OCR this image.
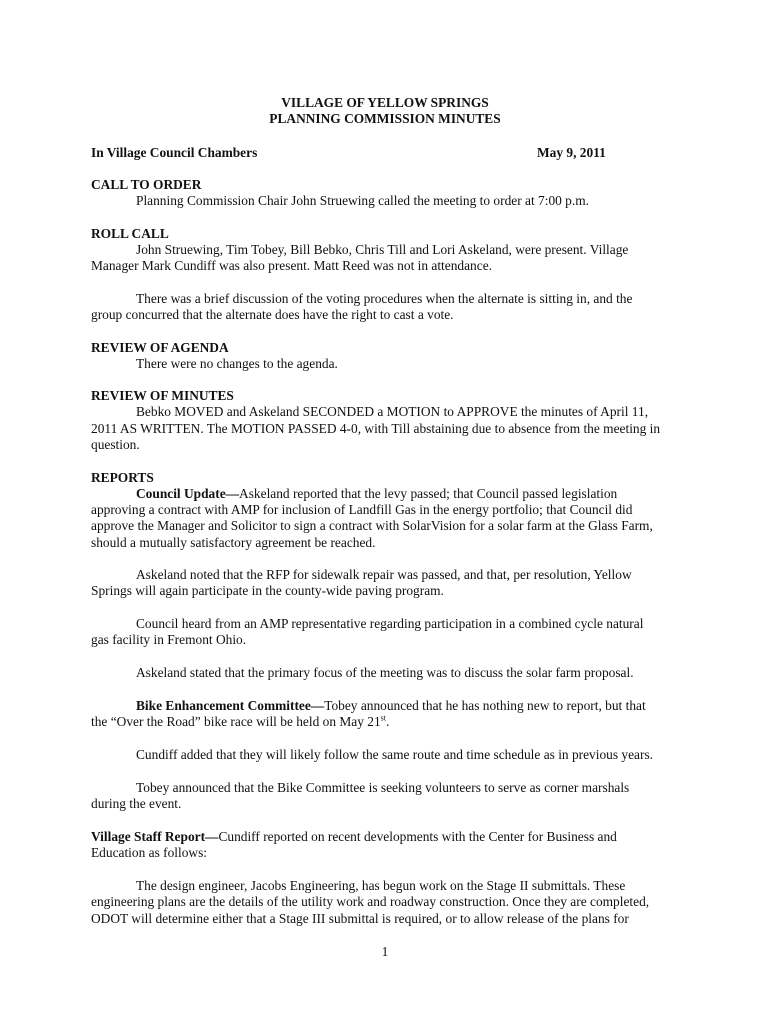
VILLAGE OF YELLOW SPRINGS
PLANNING COMMISSION MINUTES
In Village Council Chambers	May 9, 2011
CALL TO ORDER
Planning Commission Chair John Struewing called the meeting to order at 7:00 p.m.
ROLL CALL
John Struewing, Tim Tobey, Bill Bebko, Chris Till and Lori Askeland, were present. Village
Manager Mark Cundiff was also present. Matt Reed was not in attendance.
There was a brief discussion of the voting procedures when the alternate is sitting in, and the
group concurred that the alternate does have the right to cast a vote.
REVIEW OF AGENDA
There were no changes to the agenda.
REVIEW OF MINUTES
Bebko MOVED and Askeland SECONDED a MOTION to APPROVE the minutes of April 11,
2011 AS WRITTEN. The MOTION PASSED 4-0, with Till abstaining due to absence from the meeting in
question.
REPORTS
Council Update—Askeland reported that the levy passed; that Council passed legislation
approving a contract with AMP for inclusion of Landfill Gas in the energy portfolio; that Council did
approve the Manager and Solicitor to sign a contract with SolarVision for a solar farm at the Glass Farm,
should a mutually satisfactory agreement be reached.
Askeland noted that the RFP for sidewalk repair was passed, and that, per resolution, Yellow
Springs will again participate in the county-wide paving program.
Council heard from an AMP representative regarding participation in a combined cycle natural
gas facility in Fremont Ohio.
Askeland stated that the primary focus of the meeting was to discuss the solar farm proposal.
Bike Enhancement Committee—Tobey announced that he has nothing new to report, but that
the “Over the Road” bike race will be held on May 21st.
Cundiff added that they will likely follow the same route and time schedule as in previous years.
Tobey announced that the Bike Committee is seeking volunteers to serve as corner marshals
during the event.
Village Staff Report—Cundiff reported on recent developments with the Center for Business and
Education as follows:
The design engineer, Jacobs Engineering, has begun work on the Stage II submittals. These
engineering plans are the details of the utility work and roadway construction. Once they are completed,
ODOT will determine either that a Stage III submittal is required, or to allow release of the plans for
1
